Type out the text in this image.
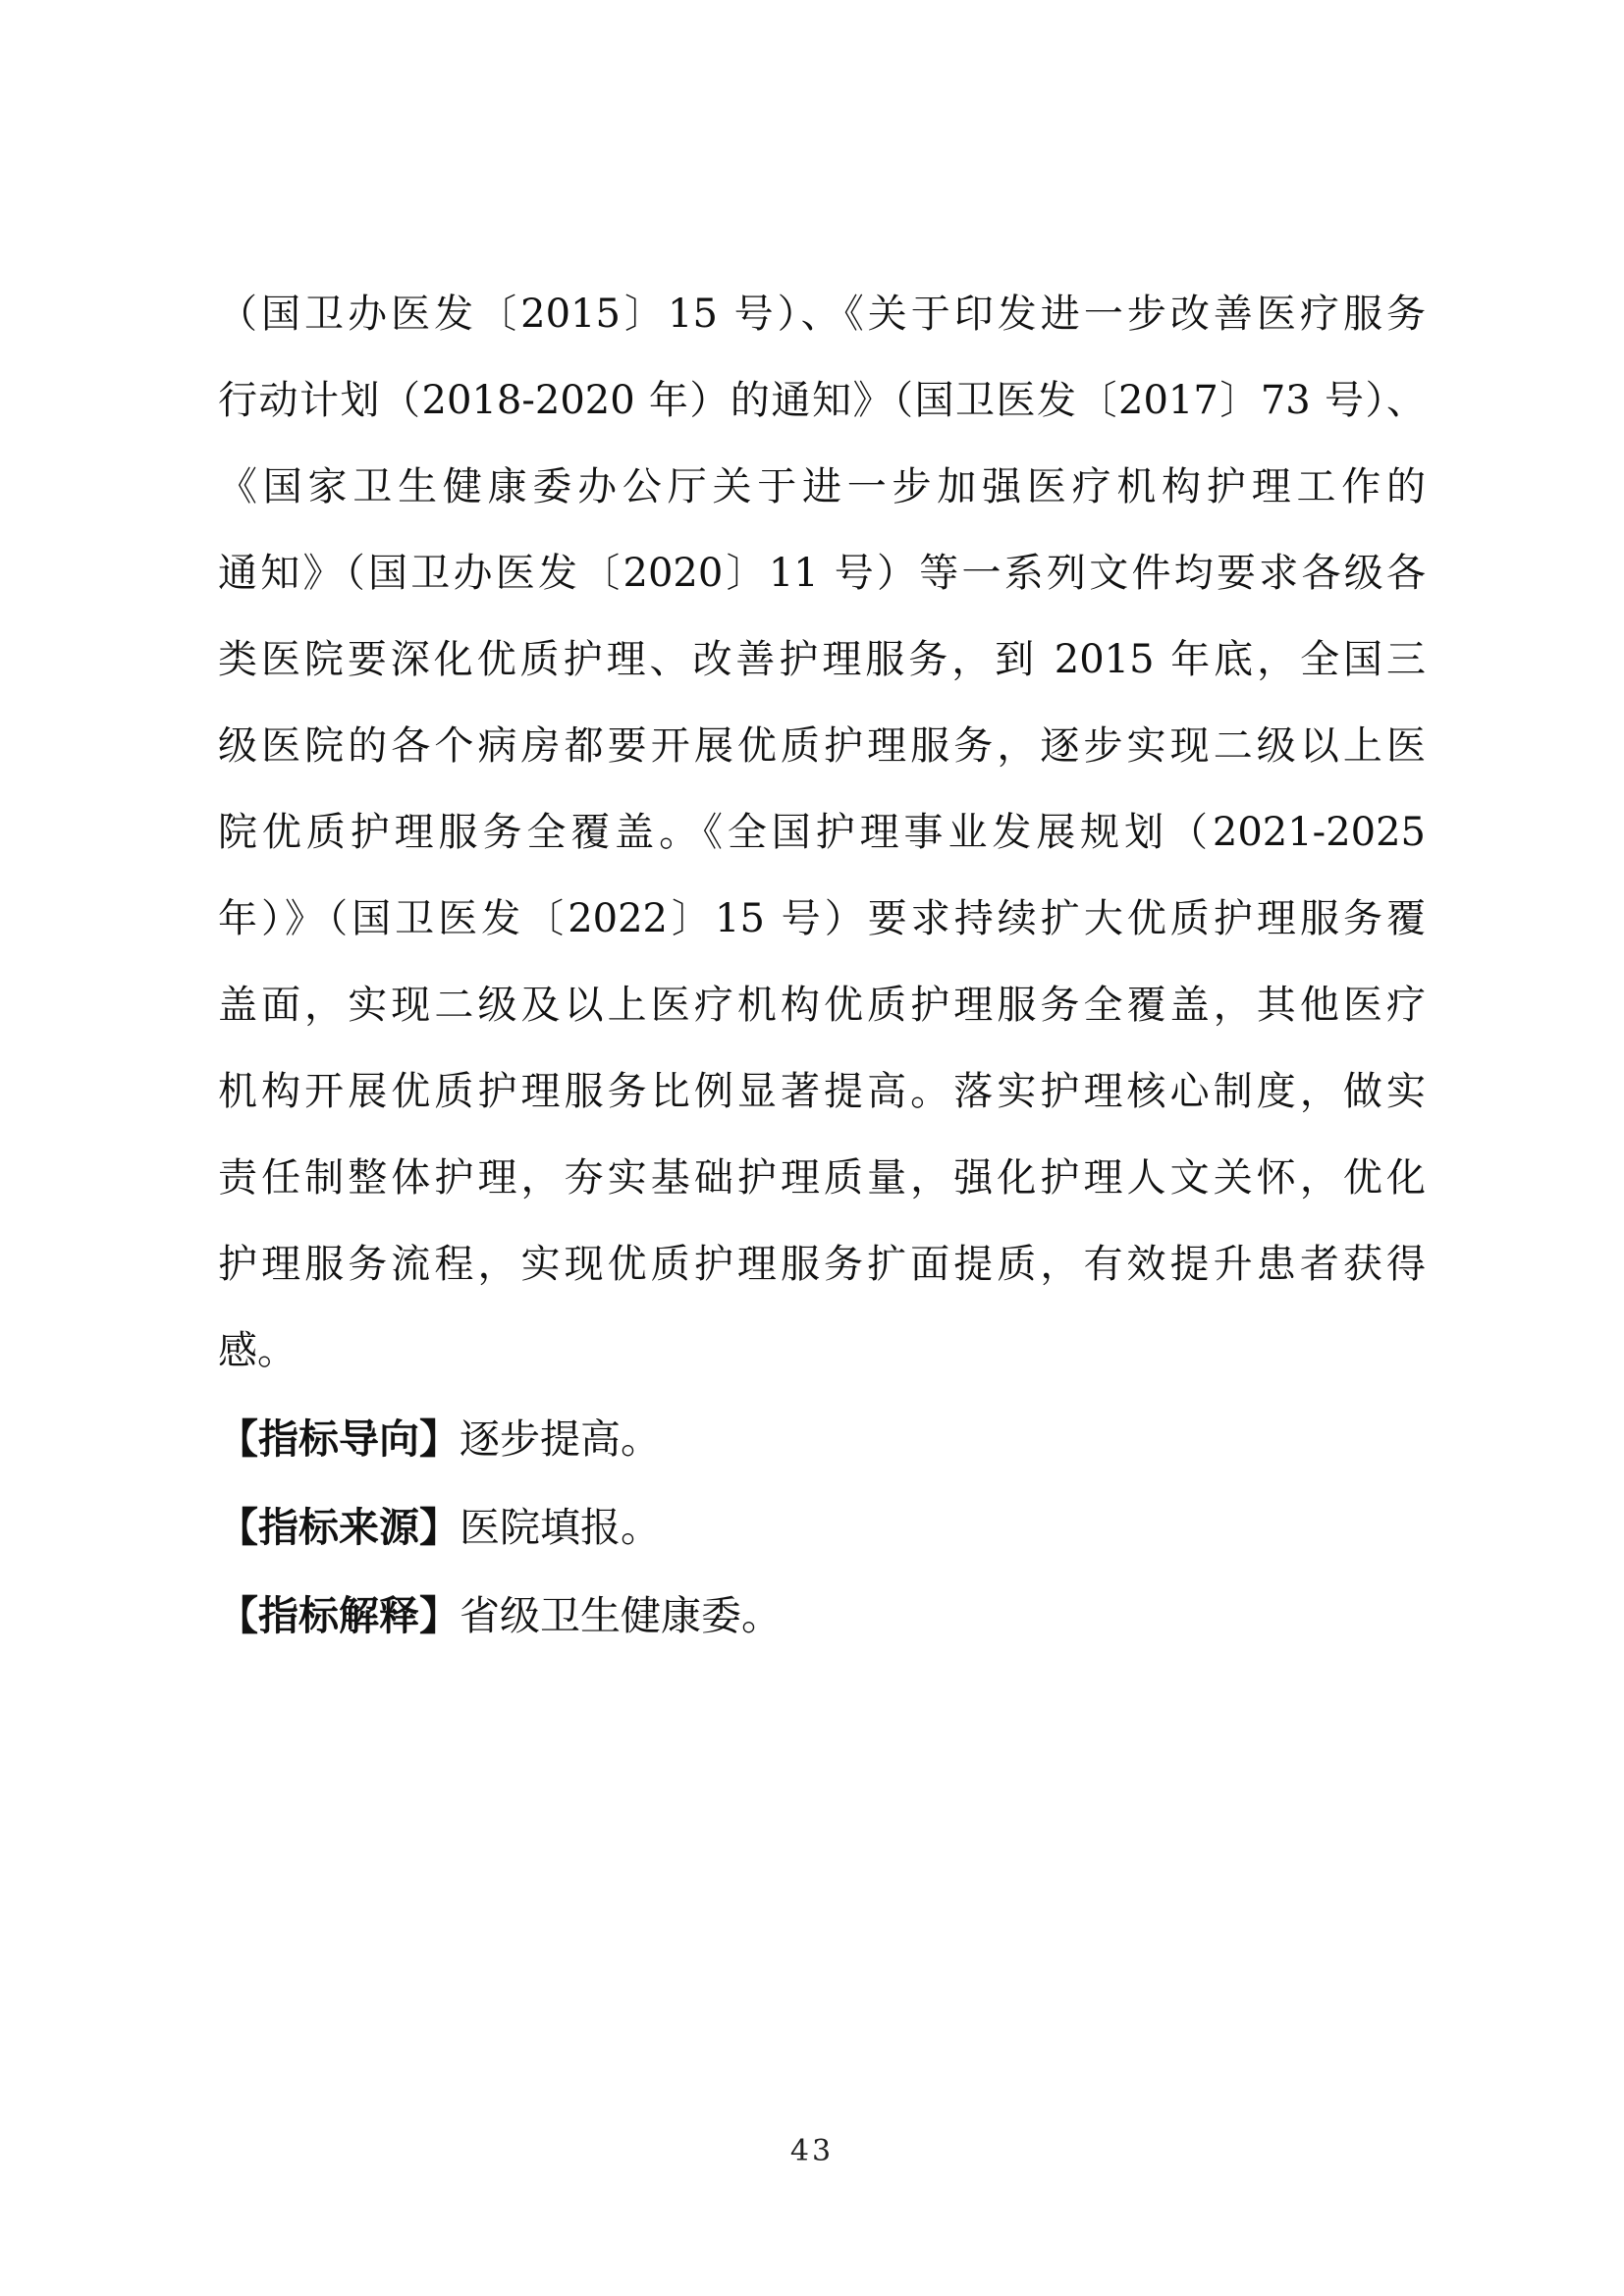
（国卫办医发〔2015〕15 号）、《关于印发进一步改善医疗服务
行动计划（2018-2020 年）的通知》（国卫医发〔2017〕73 号）、
《国家卫生健康委办公厅关于进一步加强医疗机构护理工作的
通知》（国卫办医发〔2020〕11 号）等一系列文件均要求各级各
类医院要深化优质护理、改善护理服务，到 2015 年底，全国三
级医院的各个病房都要开展优质护理服务，逐步实现二级以上医
院优质护理服务全覆盖。《全国护理事业发展规划（2021-2025
年）》（国卫医发〔2022〕15 号）要求持续扩大优质护理服务覆
盖面，实现二级及以上医疗机构优质护理服务全覆盖，其他医疗
机构开展优质护理服务比例显著提高。落实护理核心制度，做实
责任制整体护理，夯实基础护理质量，强化护理人文关怀，优化
护理服务流程，实现优质护理服务扩面提质，有效提升患者获得
感。
【指标导向】逐步提高。
【指标来源】医院填报。
【指标解释】省级卫生健康委。
43
